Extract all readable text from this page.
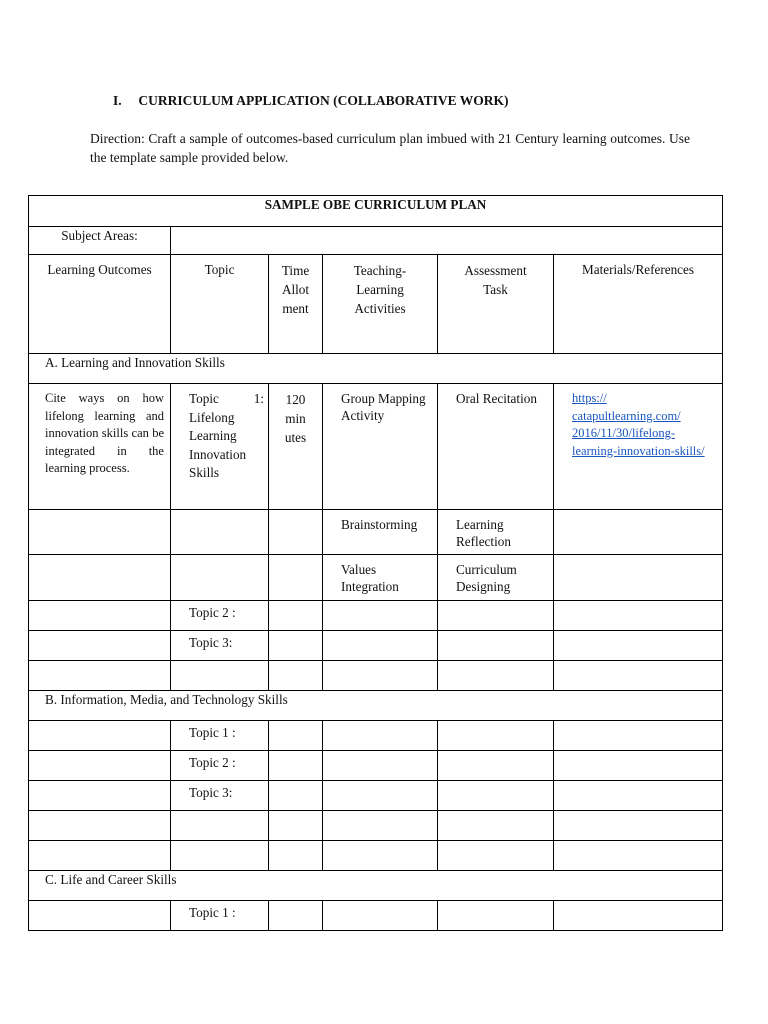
I. CURRICULUM APPLICATION (COLLABORATIVE WORK)
Direction: Craft a sample of outcomes-based curriculum plan imbued with 21 Century learning outcomes. Use the template sample provided below.
SAMPLE OBE CURRICULUM PLAN					
Subject Areas:					
Learning Outcomes	Topic	Time Allot ment	Teaching-Learning Activities	Assessment Task	Materials/References
A. Learning and Innovation Skills					
Cite ways on how lifelong learning and innovation skills can be integrated in the learning process.	Topic 1: Lifelong Learning Innovation Skills	120 min utes	Group Mapping Activity	Oral Recitation	https:// catapultlearning.com/ 2016/11/30/lifelong-learning-innovation-skills/
			Brainstorming	Learning Reflection	
			Values Integration	Curriculum Designing	
	Topic 2 :				
	Topic 3:				

B. Information, Media, and Technology Skills					
	Topic 1 :				
	Topic 2 :				
	Topic 3:				

C. Life and Career Skills					
	Topic 1 :				
